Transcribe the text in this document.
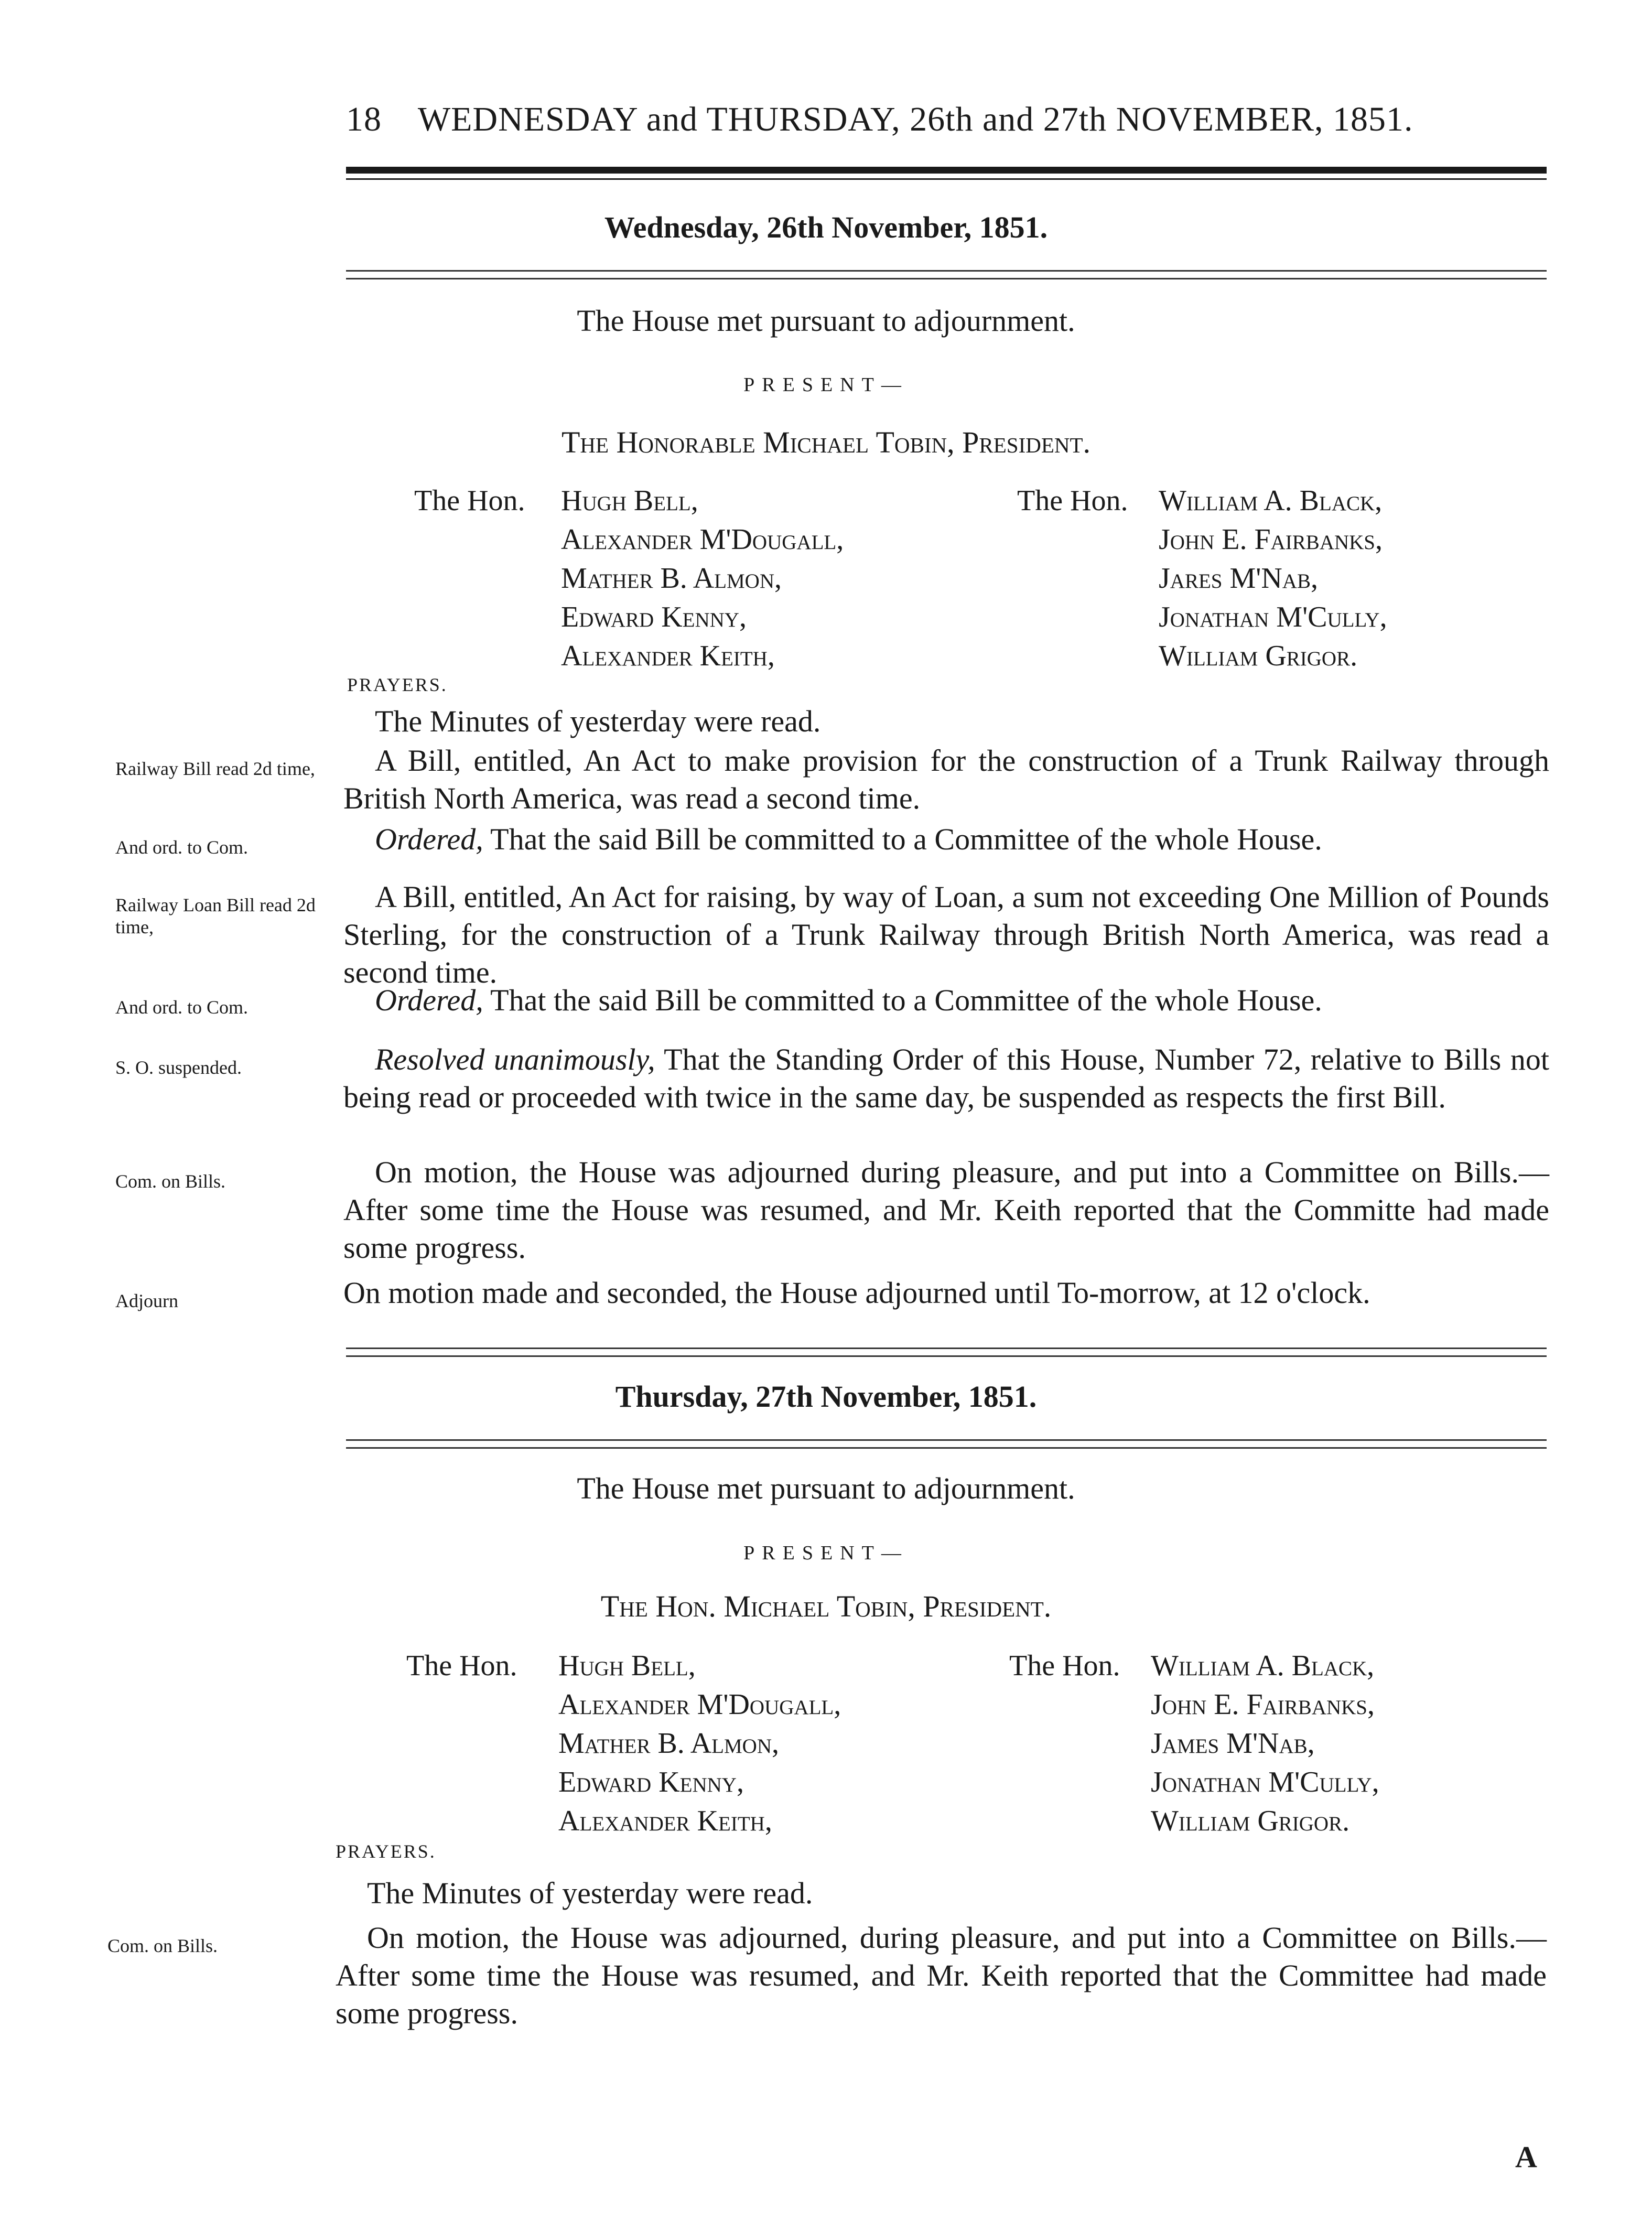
18 WEDNESDAY and THURSDAY, 26th and 27th NOVEMBER, 1851.
Wednesday, 26th November, 1851.
The House met pursuant to adjournment.
PRESENT—
The Honorable Michael Tobin, President.
The Hon. Hugh Bell,
Alexander M'Dougall,
Mather B. Almon,
Edward Kenny,
Alexander Keith,
The Hon. William A. Black,
John E. Fairbanks,
Jares M'Nab,
Jonathan M'Cully,
William Grigor.
PRAYERS.
The Minutes of yesterday were read.
Railway Bill read 2d time,	A Bill, entitled, An Act to make provision for the construction of a Trunk Railway through British North America, was read a second time.
And ord. to Com.	Ordered, That the said Bill be committed to a Committee of the whole House.
Railway Loan Bill read 2d time,
A Bill, entitled, An Act for raising, by way of Loan, a sum not exceeding One Million of Pounds Sterling, for the construction of a Trunk Railway through British North America, was read a second time.
And ord. to Com.	Ordered, That the said Bill be committed to a Committee of the whole House.
S. O. suspended.	Resolved unanimously, That the Standing Order of this House, Number 72, relative to Bills not being read or proceeded with twice in the same day, be suspended as respects the first Bill.
Com. on Bills.	On motion, the House was adjourned during pleasure, and put into a Committee on Bills.—After some time the House was resumed, and Mr. Keith reported that the Committe had made some progress.
Adjourn	On motion made and seconded, the House adjourned until To-morrow, at 12 o'clock.
Thursday, 27th November, 1851.
The House met pursuant to adjournment.
PRESENT—
The Hon. Michael Tobin, President.
The Hon. Hugh Bell,
Alexander M'Dougall,
Mather B. Almon,
Edward Kenny,
Alexander Keith,
The Hon. William A. Black,
John E. Fairbanks,
James M'Nab,
Jonathan M'Cully,
William Grigor.
PRAYERS.
The Minutes of yesterday were read.
Com. on Bills.	On motion, the House was adjourned, during pleasure, and put into a Committee on Bills.—After some time the House was resumed, and Mr. Keith reported that the Committee had made some progress.
A
